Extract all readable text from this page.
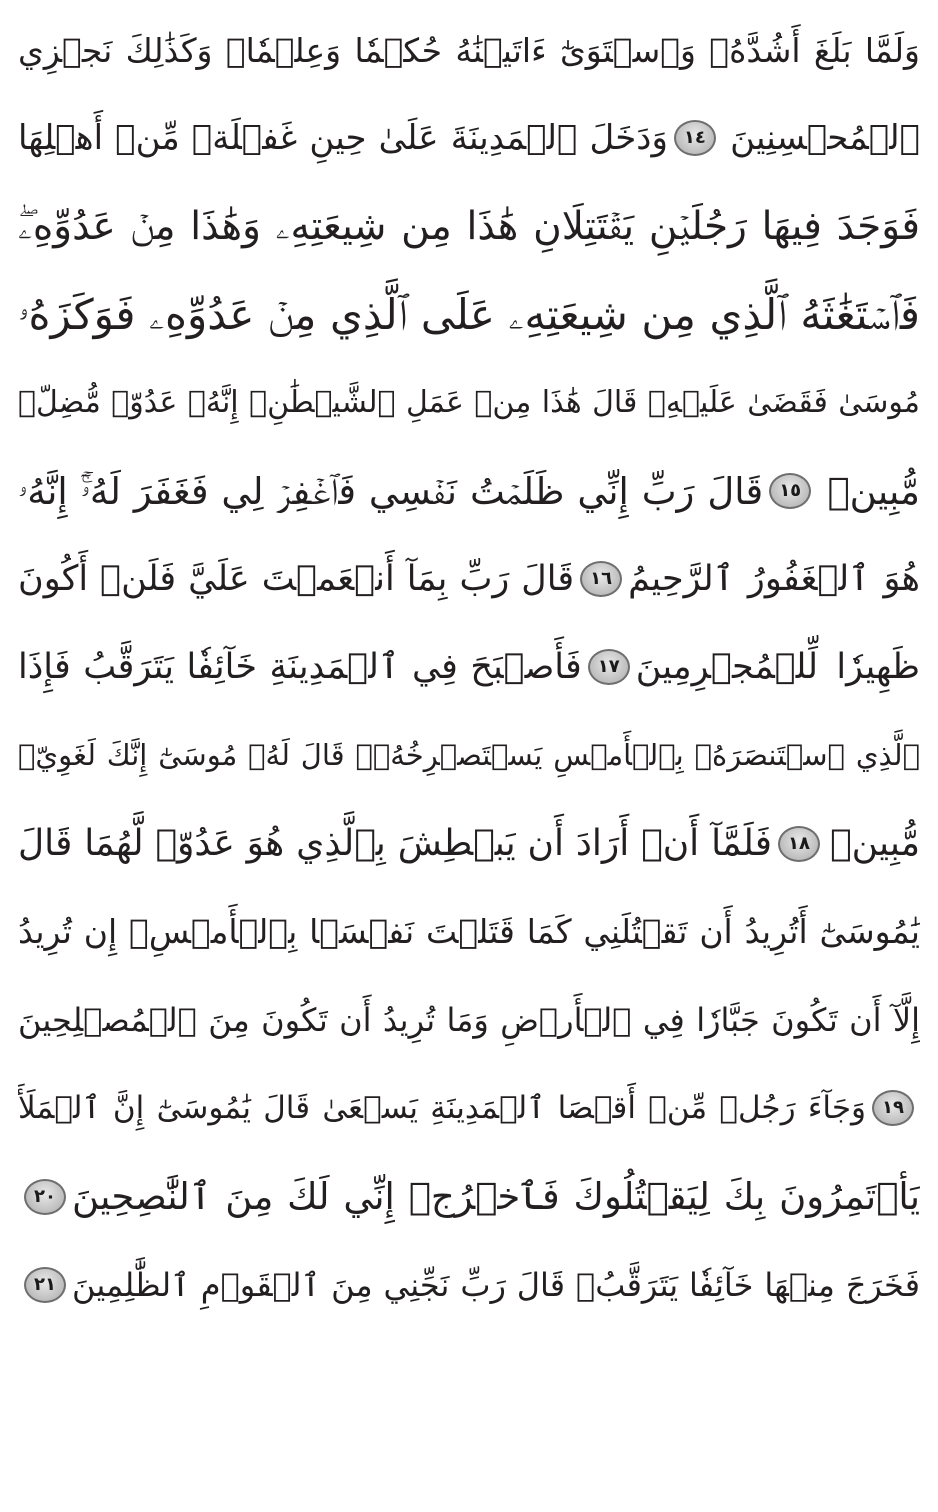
وَلَمَّا بَلَغَ أَشُدَّهُۥ وَٱسۡتَوَىٰٓ ءَاتَيۡنَٰهُ حُكۡمٗا وَعِلۡمٗاۚ وَكَذَٰلِكَ نَجۡزِي
ٱلۡمُحۡسِنِينَ
١٤
وَدَخَلَ ٱلۡمَدِينَةَ عَلَىٰ حِينِ غَفۡلَةٖ مِّنۡ أَهۡلِهَا
فَوَجَدَ فِيهَا رَجُلَيۡنِ يَقۡتَتِلَانِ هَٰذَا مِن شِيعَتِهِۦ وَهَٰذَا مِنۡ عَدُوِّهِۦۖ
فَٱسۡتَغَٰثَهُ ٱلَّذِي مِن شِيعَتِهِۦ عَلَى ٱلَّذِي مِنۡ عَدُوِّهِۦ فَوَكَزَهُۥ
مُوسَىٰ فَقَضَىٰ عَلَيۡهِۖ قَالَ هَٰذَا مِنۡ عَمَلِ ٱلشَّيۡطَٰنِۖ إِنَّهُۥ عَدُوّٞ مُّضِلّٞ
مُّبِينٞ
١٥
قَالَ رَبِّ إِنِّي ظَلَمۡتُ نَفۡسِي فَٱغۡفِرۡ لِي فَغَفَرَ لَهُۥٓۚ إِنَّهُۥ
هُوَ ٱلۡغَفُورُ ٱلرَّحِيمُ
١٦
قَالَ رَبِّ بِمَآ أَنۡعَمۡتَ عَلَيَّ فَلَنۡ أَكُونَ
ظَهِيرٗا لِّلۡمُجۡرِمِينَ
١٧
فَأَصۡبَحَ فِي ٱلۡمَدِينَةِ خَآئِفٗا يَتَرَقَّبُ فَإِذَا
ٱلَّذِي ٱسۡتَنصَرَهُۥ بِٱلۡأَمۡسِ يَسۡتَصۡرِخُهُۥۚ قَالَ لَهُۥ مُوسَىٰٓ إِنَّكَ لَغَوِيّٞ
مُّبِينٞ
١٨
فَلَمَّآ أَنۡ أَرَادَ أَن يَبۡطِشَ بِٱلَّذِي هُوَ عَدُوّٞ لَّهُمَا قَالَ
يَٰمُوسَىٰٓ أَتُرِيدُ أَن تَقۡتُلَنِي كَمَا قَتَلۡتَ نَفۡسَۢا بِٱلۡأَمۡسِۖ إِن تُرِيدُ
إِلَّآ أَن تَكُونَ جَبَّارٗا فِي ٱلۡأَرۡضِ وَمَا تُرِيدُ أَن تَكُونَ مِنَ ٱلۡمُصۡلِحِينَ
١٩
وَجَآءَ رَجُلٞ مِّنۡ أَقۡصَا ٱلۡمَدِينَةِ يَسۡعَىٰ قَالَ يَٰمُوسَىٰٓ إِنَّ ٱلۡمَلَأَ
يَأۡتَمِرُونَ بِكَ لِيَقۡتُلُوكَ فَٱخۡرُجۡ إِنِّي لَكَ مِنَ ٱلنَّٰصِحِينَ
٢٠
فَخَرَجَ مِنۡهَا خَآئِفٗا يَتَرَقَّبُۖ قَالَ رَبِّ نَجِّنِي مِنَ ٱلۡقَوۡمِ ٱلظَّٰلِمِينَ
٢١
